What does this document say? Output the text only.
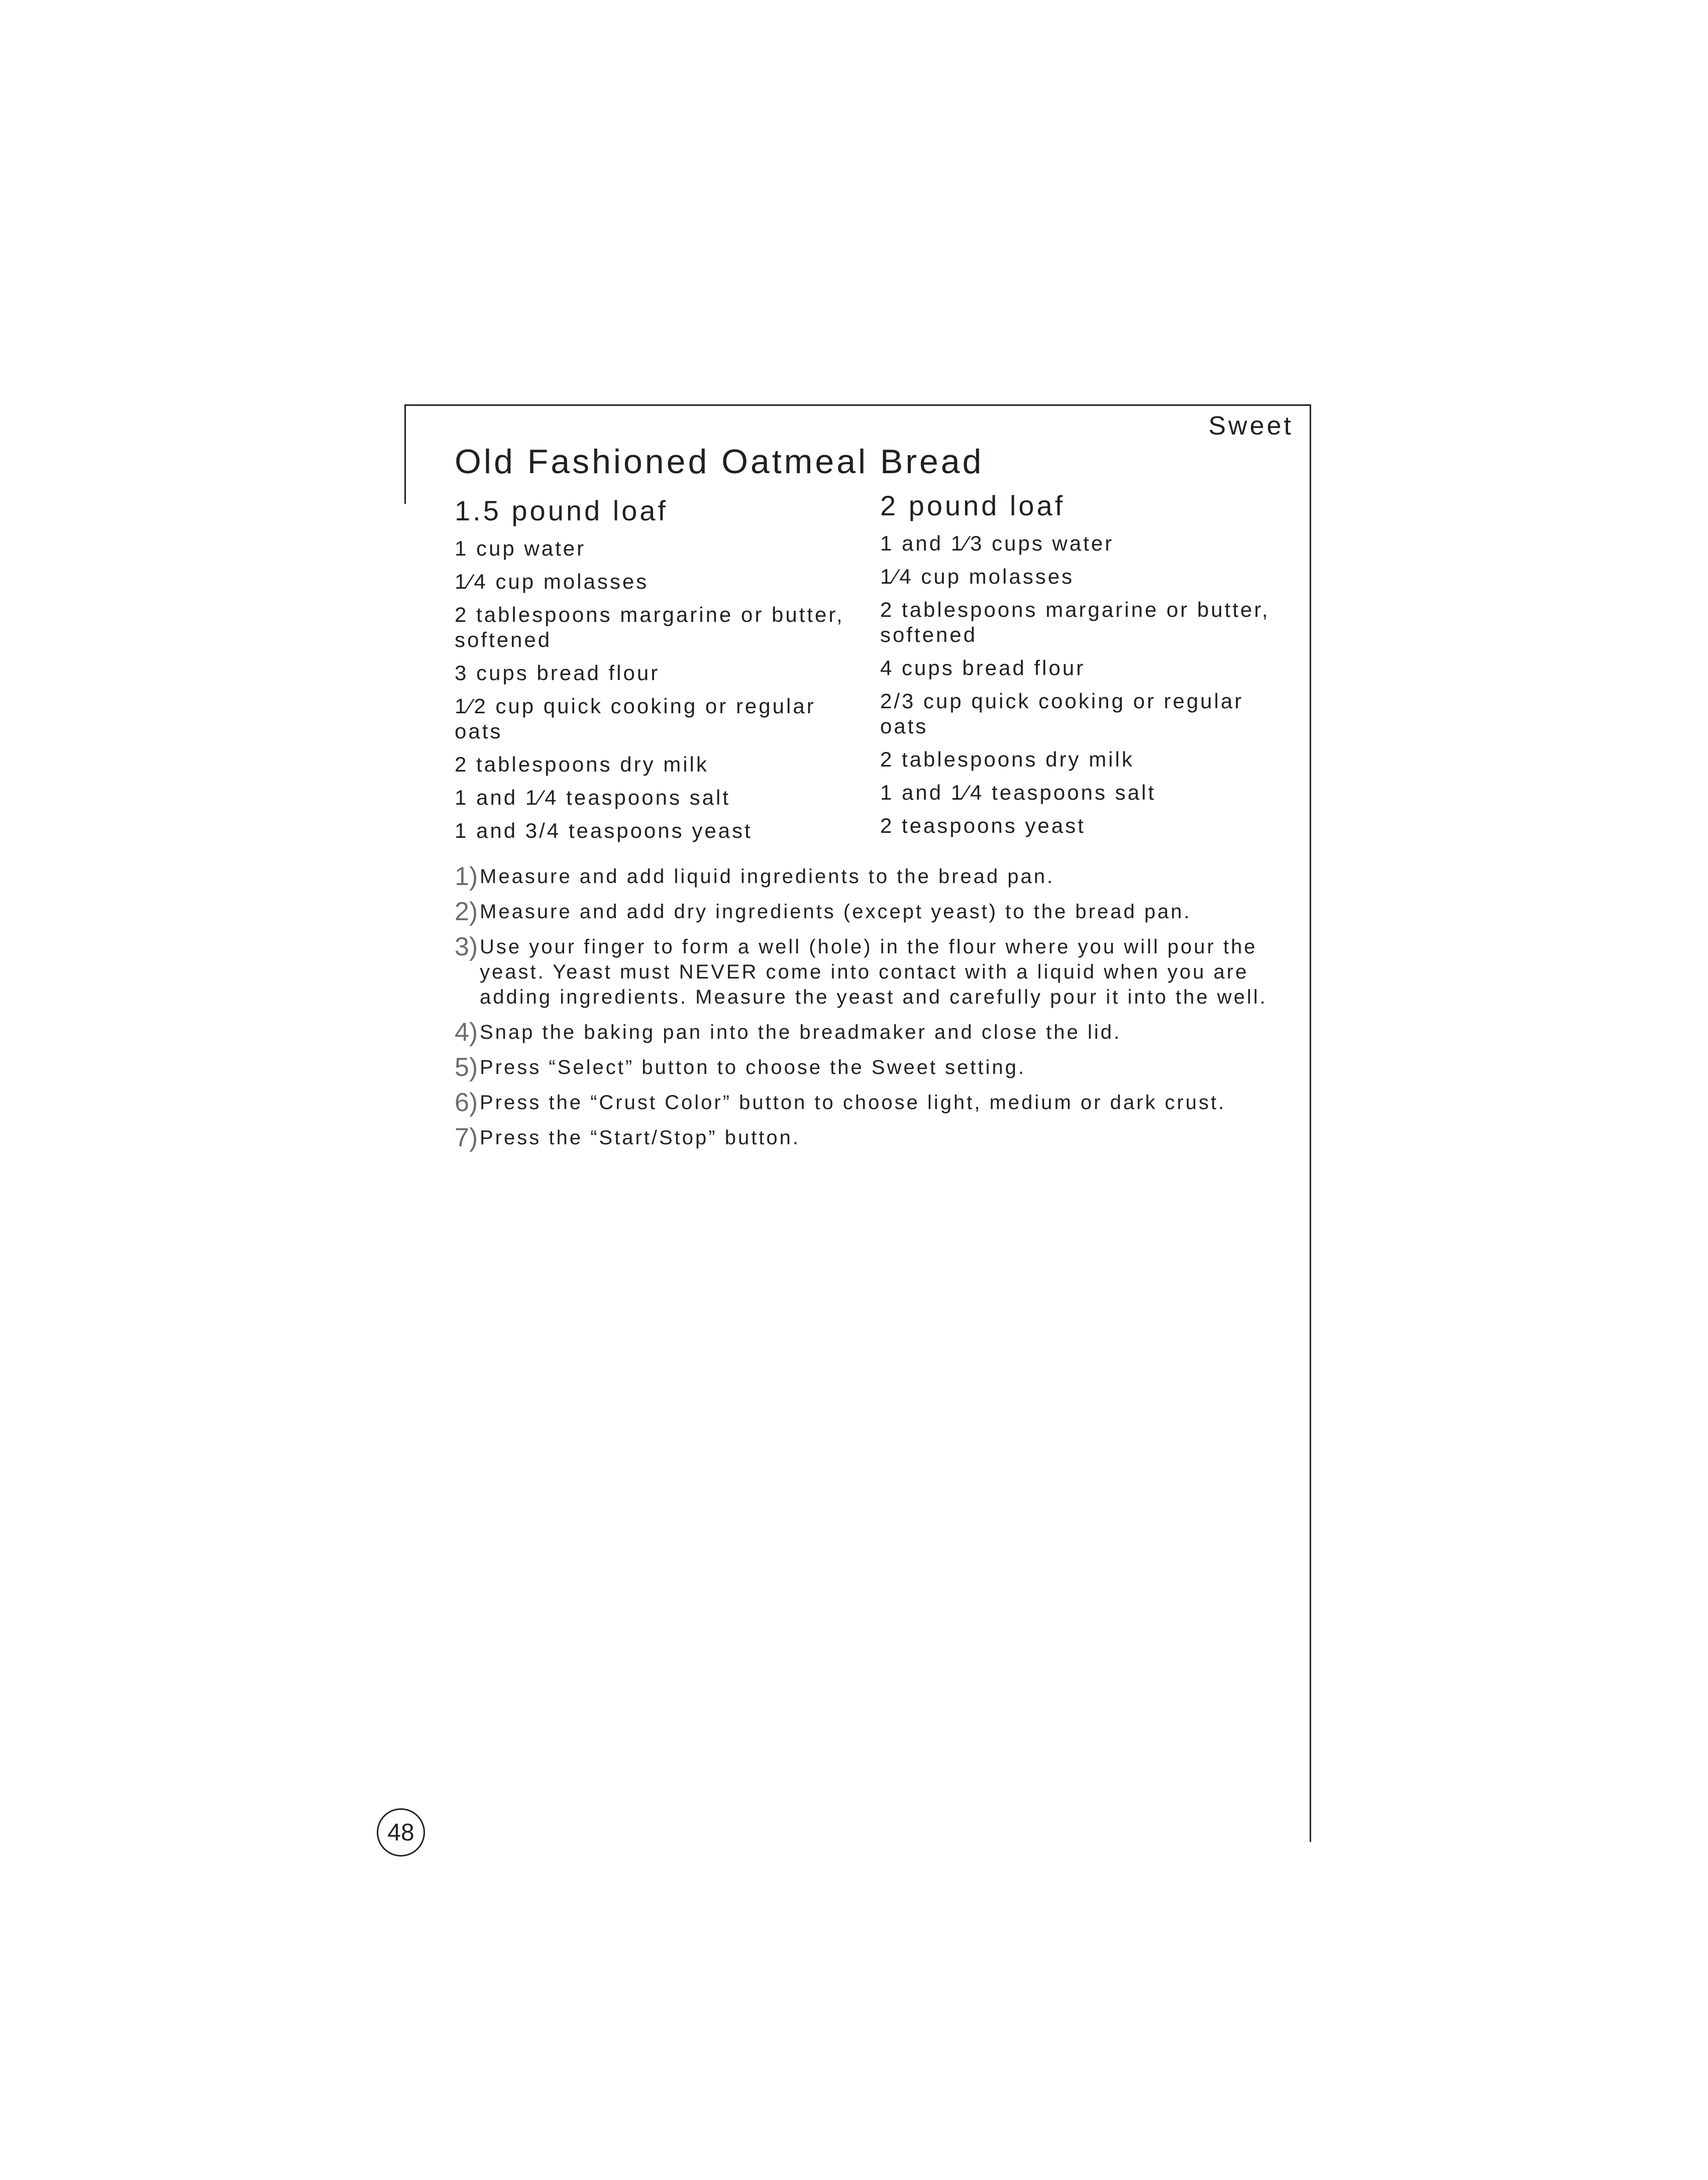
Sweet
Old Fashioned Oatmeal Bread
1.5 pound loaf
1 cup water
1⁄4 cup molasses
2 tablespoons margarine or butter, softened
3 cups bread flour
1⁄2 cup quick cooking or regular oats
2 tablespoons dry milk
1 and 1⁄4 teaspoons salt
1 and 3/4 teaspoons yeast
2 pound loaf
1 and 1⁄3 cups water
1⁄4 cup molasses
2 tablespoons margarine or butter, softened
4 cups bread flour
2/3 cup quick cooking or regular oats
2 tablespoons dry milk
1 and 1⁄4 teaspoons salt
2 teaspoons yeast
1) Measure and add liquid ingredients to the bread pan.
2) Measure and add dry ingredients (except yeast) to the bread pan.
3) Use your finger to form a well (hole) in the flour where you will pour the yeast. Yeast must NEVER come into contact with a liquid when you are adding ingredients. Measure the yeast and carefully pour it into the well.
4) Snap the baking pan into the breadmaker and close the lid.
5) Press “Select” button to choose the Sweet setting.
6) Press the “Crust Color” button to choose light, medium or dark crust.
7) Press the “Start/Stop” button.
48
